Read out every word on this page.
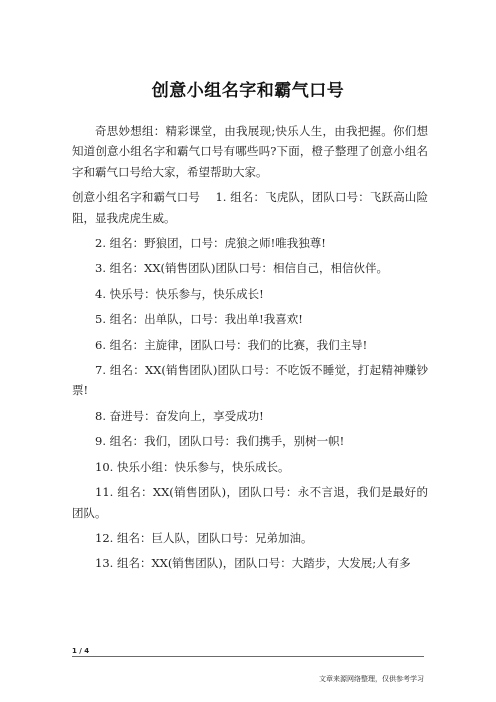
创意小组名字和霸气口号

奇思妙想组：精彩课堂，由我展现;快乐人生，由我把握。你们想知道创意小组名字和霸气口号有哪些吗?下面，橙子整理了创意小组名字和霸气口号给大家，希望帮助大家。

创意小组名字和霸气口号　 1. 组名：飞虎队，团队口号：飞跃高山险阻，显我虎虎生威。

2. 组名：野狼团，口号：虎狼之师!唯我独尊!

3. 组名：XX(销售团队)团队口号：相信自己，相信伙伴。

4. 快乐号：快乐参与，快乐成长!

5. 组名：出单队，口号：我出单!我喜欢!

6. 组名：主旋律，团队口号：我们的比赛，我们主导!

7. 组名：XX(销售团队)团队口号：不吃饭不睡觉，打起精神赚钞票!

8. 奋进号：奋发向上，享受成功!

9. 组名：我们，团队口号：我们携手，别树一帜!

10. 快乐小组：快乐参与，快乐成长。

11. 组名：XX(销售团队)，团队口号：永不言退，我们是最好的团队。

12. 组名：巨人队，团队口号：兄弟加油。

13. 组名：XX(销售团队)，团队口号：大踏步，大发展;人有多

1 / 4
文章来源网络整理，仅供参考学习
